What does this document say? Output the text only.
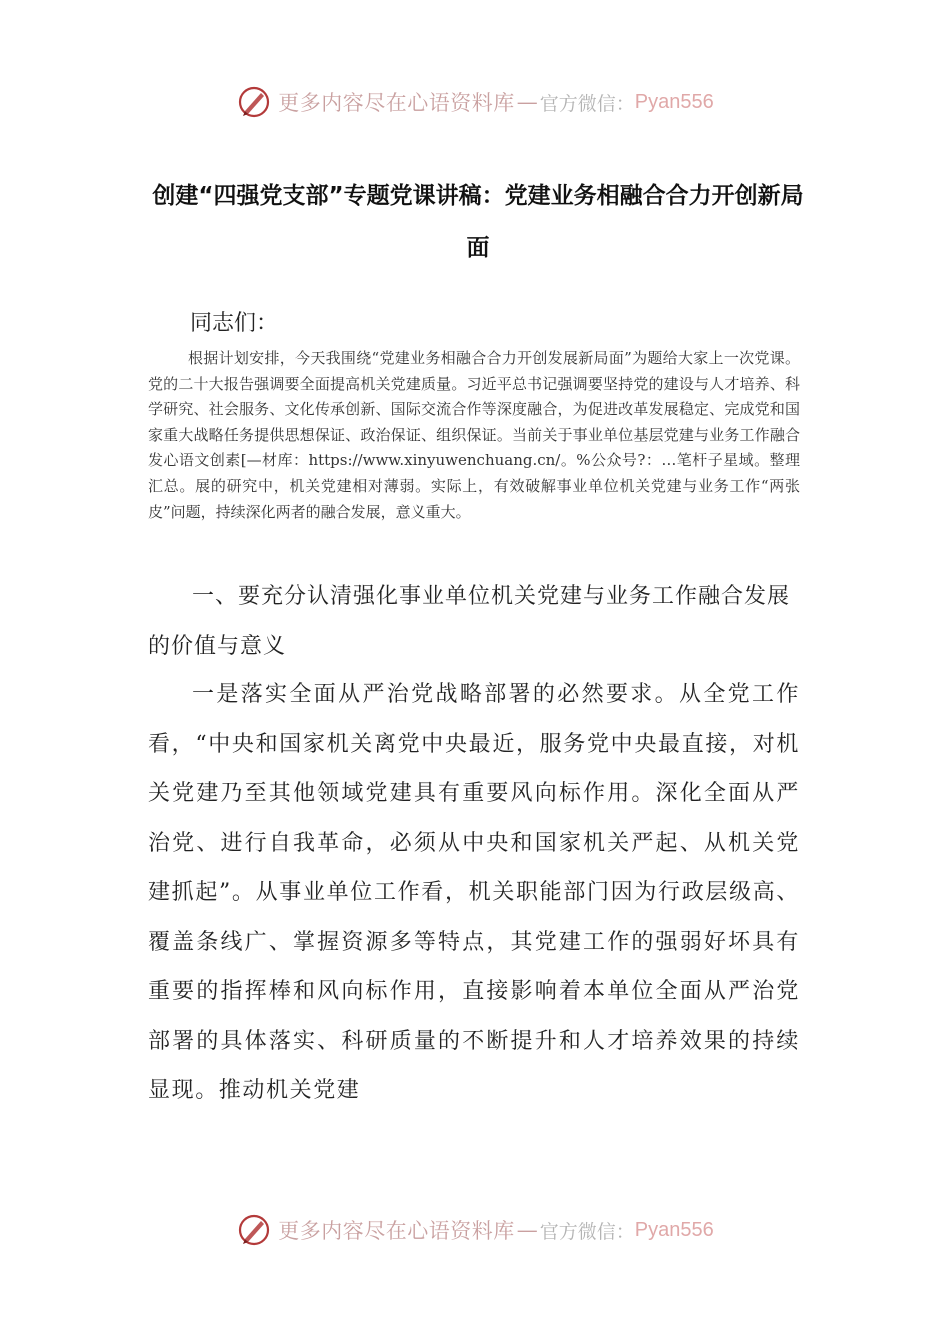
更多内容尽在心语资料库 — 官方微信： Pyan556
创建“四强党支部”专题党课讲稿：党建业务相融合合力开创新局面
同志们：

根据计划安排，今天我围绕“党建业务相融合合力开创发展新局面”为题给大家上一次党课。党的二十大报告强调要全面提高机关党建质量。习近平总书记强调要坚持党的建设与人才培养、科学研究、社会服务、文化传承创新、国际交流合作等深度融合，为促进改革发展稳定、完成党和国家重大战略任务提供思想保证、政治保证、组织保证。当前关于事业单位基层党建与业务工作融合发心语文创素[—材库：https://www.xinyuwenchuang.cn/。%公众号?：…笔杆子星域。整理汇总。展的研究中，机关党建相对薄弱。实际上，有效破解事业单位机关党建与业务工作“两张皮”问题，持续深化两者的融合发展，意义重大。

一、要充分认清强化事业单位机关党建与业务工作融合发展的价值与意义

一是落实全面从严治党战略部署的必然要求。从全党工作看，“中央和国家机关离党中央最近，服务党中央最直接，对机关党建乃至其他领域党建具有重要风向标作用。深化全面从严治党、进行自我革命，必须从中央和国家机关严起、从机关党建抓起”。从事业单位工作看，机关职能部门因为行政层级高、覆盖条线广、掌握资源多等特点，其党建工作的强弱好坏具有重要的指挥棒和风向标作用，直接影响着本单位全面从严治党部署的具体落实、科研质量的不断提升和人才培养效果的持续显现。推动机关党建

更多内容尽在心语资料库 — 官方微信： Pyan556
